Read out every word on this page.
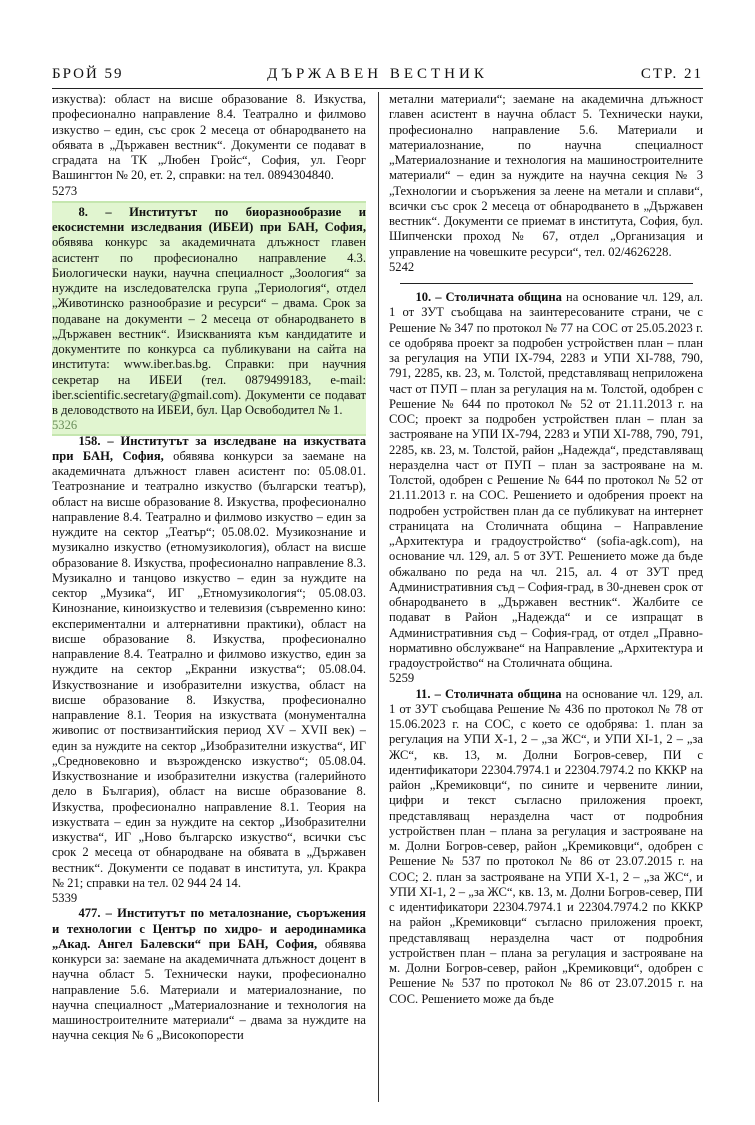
БРОЙ 59	ДЪРЖАВЕН ВЕСТНИК	СТР. 21

изкуства): област на висше образование 8. Изкуства, професионално направление 8.4. Театрално и филмово изкуство – един, със срок 2 месеца от обнародването на обявата в „Държавен вестник“. Документи се подават в сградата на ТК „Любен Гройс“, София, ул. Георг Вашингтон № 20, ет. 2, справки: на тел. 0894304840.

5273

8. – Институтът по биоразнообразие и екосистемни изследвания (ИБЕИ) при БАН, София, обявява конкурс за академичната длъжност главен асистент по професионално направление 4.3. Биологически науки, научна специалност „Зоология“ за нуждите на изследователска група „Териология“, отдел „Животинско разнообразие и ресурси“ – двама. Срок за подаване на документи – 2 месеца от обнародването в „Държавен вестник“. Изискванията към кандидатите и документите по конкурса са публикувани на сайта на института: www.iber.bas.bg. Справки: при научния секретар на ИБЕИ (тел. 0879499183, e-mail: iber.scientific.secretary@gmail.com). Документи се подават в деловодството на ИБЕИ, бул. Цар Освободител № 1.

5326

158. – Институтът за изследване на изкуствата при БАН, София, обявява конкурси за заемане на академичната длъжност главен асистент по: 05.08.01. Театрознание и театрално изкуство (български театър), област на висше образование 8. Изкуства, професионално направление 8.4. Театрално и филмово изкуство – един за нуждите на сектор „Театър“; 05.08.02. Музикознание и музикално изкуство (етномузикология), област на висше образование 8. Изкуства, професионално направление 8.3. Музикално и танцово изкуство – един за нуждите на сектор „Музика“, ИГ „Етномузикология“; 05.08.03. Кинознание, киноизкуство и телевизия (съвременно кино: експериментални и алтернативни практики), област на висше образование 8. Изкуства, професионално направление 8.4. Театрално и филмово изкуство, един за нуждите на сектор „Екранни изкуства“; 05.08.04. Изкуствознание и изобразителни изкуства, област на висше образование 8. Изкуства, професионално направление 8.1. Теория на изкуствата (монументална живопис от поствизантийския период XV – XVII век) – един за нуждите на сектор „Изобразителни изкуства“, ИГ „Средновековно и възрожденско изкуство“; 05.08.04. Изкуствознание и изобразителни изкуства (галерийното дело в България), област на висше образование 8. Изкуства, професионално направление 8.1. Теория на изкуствата – един за нуждите на сектор „Изобразителни изкуства“, ИГ „Ново българско изкуство“, всички със срок 2 месеца от обнародване на обявата в „Държавен вестник“. Документи се подават в института, ул. Кракра № 21; справки на тел. 02 944 24 14.

5339

477. – Институтът по металознание, съоръжения и технологии с Център по хидро- и аеродинамика „Акад. Ангел Балевски“ при БАН, София, обявява конкурси за: заемане на академичната длъжност доцент в научна област 5. Технически науки, професионално направление 5.6. Материали и материалознание, по научна специалност „Материалознание и технология на машиностроителните материали“ – двама за нуждите на научна секция № 6 „Високопорести

метални материали“; заемане на академична длъжност главен асистент в научна област 5. Технически науки, професионално направление 5.6. Материали и материалознание, по научна специалност „Материалознание и технология на машиностроителните материали“ – един за нуждите на научна секция № 3 „Технологии и съоръжения за леене на метали и сплави“, всички със срок 2 месеца от обнародването в „Държавен вестник“. Документи се приемат в института, София, бул. Шипченски проход № 67, отдел „Организация и управление на човешките ресурси“, тел. 02/4626228.

5242

10. – Столичната община на основание чл. 129, ал. 1 от ЗУТ съобщава на заинтересованите страни, че с Решение № 347 по протокол № 77 на СОС от 25.05.2023 г. се одобрява проект за подробен устройствен план – план за регулация на УПИ IX-794, 2283 и УПИ XI-788, 790, 791, 2285, кв. 23, м. Толстой, представляващ неприложена част от ПУП – план за регулация на м. Толстой, одобрен с Решение № 644 по протокол № 52 от 21.11.2013 г. на СОС; проект за подробен устройствен план – план за застрояване на УПИ IX-794, 2283 и УПИ XI-788, 790, 791, 2285, кв. 23, м. Толстой, район „Надежда“, представляващ неразделна част от ПУП – план за застрояване на м. Толстой, одобрен с Решение № 644 по протокол № 52 от 21.11.2013 г. на СОС. Решението и одобрения проект на подробен устройствен план да се публикуват на интернет страницата на Столичната община – Направление „Архитектура и градоустройство“ (sofia-agk.com), на основание чл. 129, ал. 5 от ЗУТ. Решението може да бъде обжалвано по реда на чл. 215, ал. 4 от ЗУТ пред Административния съд – София-град, в 30-дневен срок от обнародването в „Държавен вестник“. Жалбите се подават в Район „Надежда“ и се изпращат в Административния съд – София-град, от отдел „Правно-нормативно обслужване“ на Направление „Архитектура и градоустройство“ на Столичната община.

5259

11. – Столичната община на основание чл. 129, ал. 1 от ЗУТ съобщава Решение № 436 по протокол № 78 от 15.06.2023 г. на СОС, с което се одобрява: 1. план за регулация на УПИ Х-1, 2 – „за ЖС“, и УПИ XI-1, 2 – „за ЖС“, кв. 13, м. Долни Богров-север, ПИ с идентификатори 22304.7974.1 и 22304.7974.2 по КККР на район „Кремиковци“, по сините и червените линии, цифри и текст съгласно приложения проект, представляващ неразделна част от подробния устройствен план – плана за регулация и застрояване на м. Долни Богров-север, район „Кремиковци“, одобрен с Решение № 537 по протокол № 86 от 23.07.2015 г. на СОС; 2. план за застрояване на УПИ Х-1, 2 – „за ЖС“, и УПИ XI-1, 2 – „за ЖС“, кв. 13, м. Долни Богров-север, ПИ с идентификатори 22304.7974.1 и 22304.7974.2 по КККР на район „Кремиковци“ съгласно приложения проект, представляващ неразделна част от подробния устройствен план – плана за регулация и застрояване на м. Долни Богров-север, район „Кремиковци“, одобрен с Решение № 537 по протокол № 86 от 23.07.2015 г. на СОС. Решението може да бъде
